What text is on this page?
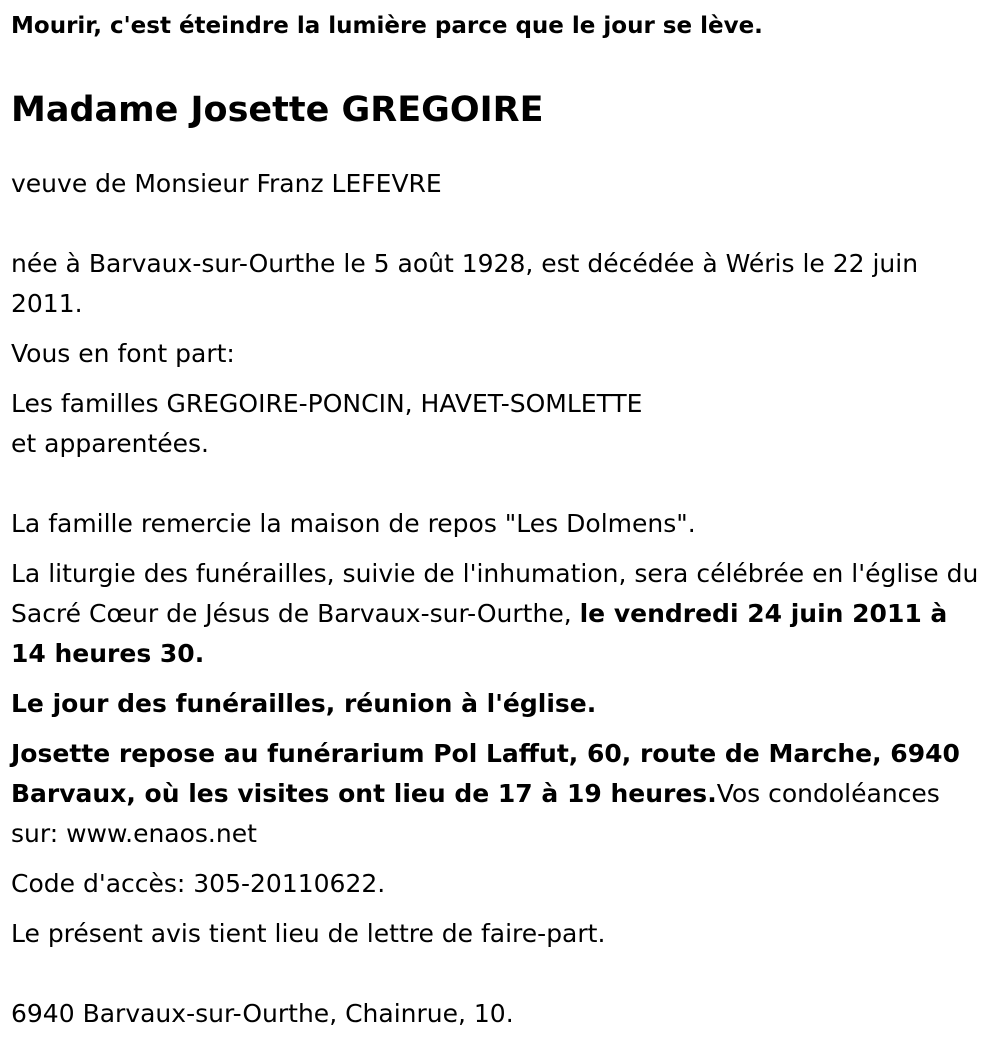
Mourir, c'est éteindre la lumière parce que le jour se lève.

Madame Josette GREGOIRE

veuve de Monsieur Franz LEFEVRE

née à Barvaux-sur-Ourthe le 5 août 1928, est décédée à Wéris le 22 juin 2011.

Vous en font part:

Les familles GREGOIRE-PONCIN, HAVET-SOMLETTE
et apparentées.

La famille remercie la maison de repos "Les Dolmens".

La liturgie des funérailles, suivie de l'inhumation, sera célébrée en l'église du Sacré Cœur de Jésus de Barvaux-sur-Ourthe, le vendredi 24 juin 2011 à 14 heures 30.

Le jour des funérailles, réunion à l'église.

Josette repose au funérarium Pol Laffut, 60, route de Marche, 6940 Barvaux, où les visites ont lieu de 17 à 19 heures.Vos condoléances sur: www.enaos.net

Code d'accès: 305-20110622.

Le présent avis tient lieu de lettre de faire-part.

6940 Barvaux-sur-Ourthe, Chainrue, 10.
